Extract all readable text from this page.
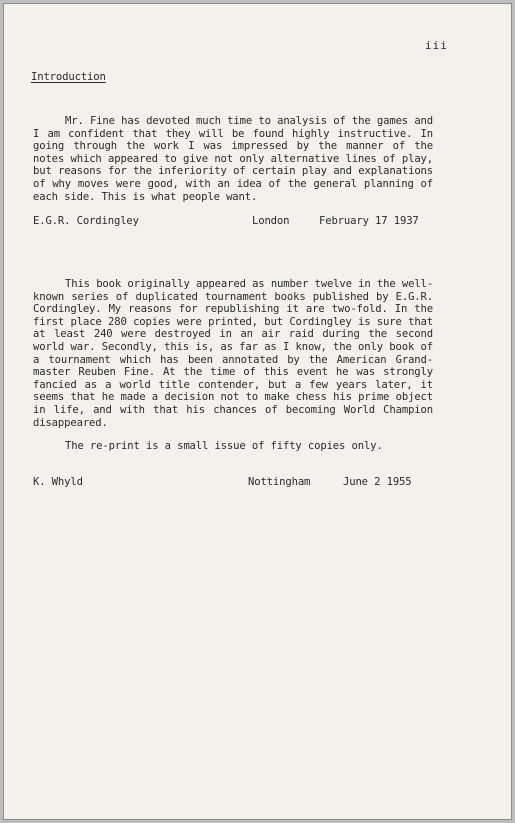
iii
Introduction

Mr. Fine has devoted much time to analysis of the games and I am confident that they will be found highly instructive. In going through the work I was impressed by the manner of the notes which appeared to give not only alternative lines of play, but reasons for the inferiority of certain play and explanations of why moves were good, with an idea of the general planning of each side. This is what people want.

E.G.R. Cordingley	London	February 17 1937

This book originally appeared as number twelve in the well-known series of duplicated tournament books published by E.G.R. Cordingley. My reasons for republishing it are two-fold. In the first place 280 copies were printed, but Cordingley is sure that at least 240 were destroyed in an air raid during the second world war. Secondly, this is, as far as I know, the only book of a tournament which has been annotated by the American Grand-master Reuben Fine. At the time of this event he was strongly fancied as a world title contender, but a few years later, it seems that he made a decision not to make chess his prime object in life, and with that his chances of becoming World Champion disappeared.

The re-print is a small issue of fifty copies only.

K. Whyld	Nottingham	June 2 1955
